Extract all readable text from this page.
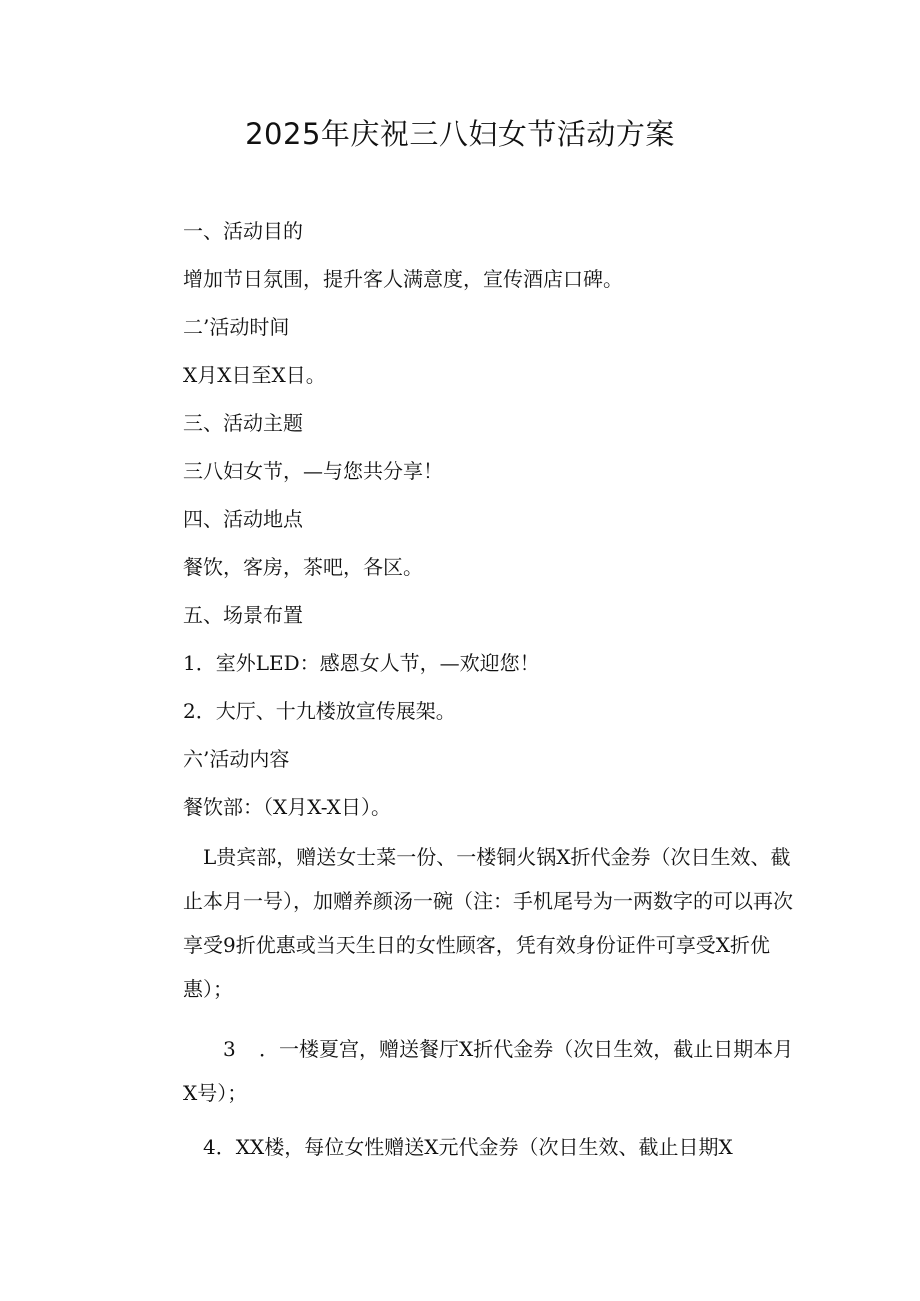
2025年庆祝三八妇女节活动方案

一、活动目的

增加节日氛围，提升客人满意度，宣传酒店口碑。

二’活动时间

X月X日至X日。

三、活动主题

三八妇女节，—与您共分享！

四、活动地点

餐饮，客房，茶吧，各区。

五、场景布置

1．室外LED：感恩女人节，—欢迎您！

2．大厅、十九楼放宣传展架。

六’活动内容

餐饮部：（X月X-X日）。

L贵宾部，赠送女士菜一份、一楼铜火锅X折代金券（次日生效、截止本月一号），加赠养颜汤一碗（注：手机尾号为一两数字的可以再次享受9折优惠或当天生日的女性顾客，凭有效身份证件可享受X折优惠）；

3 ．一楼夏宫，赠送餐厅X折代金券（次日生效，截止日期本月X号）；

4．XX楼，每位女性赠送X元代金券（次日生效、截止日期X
